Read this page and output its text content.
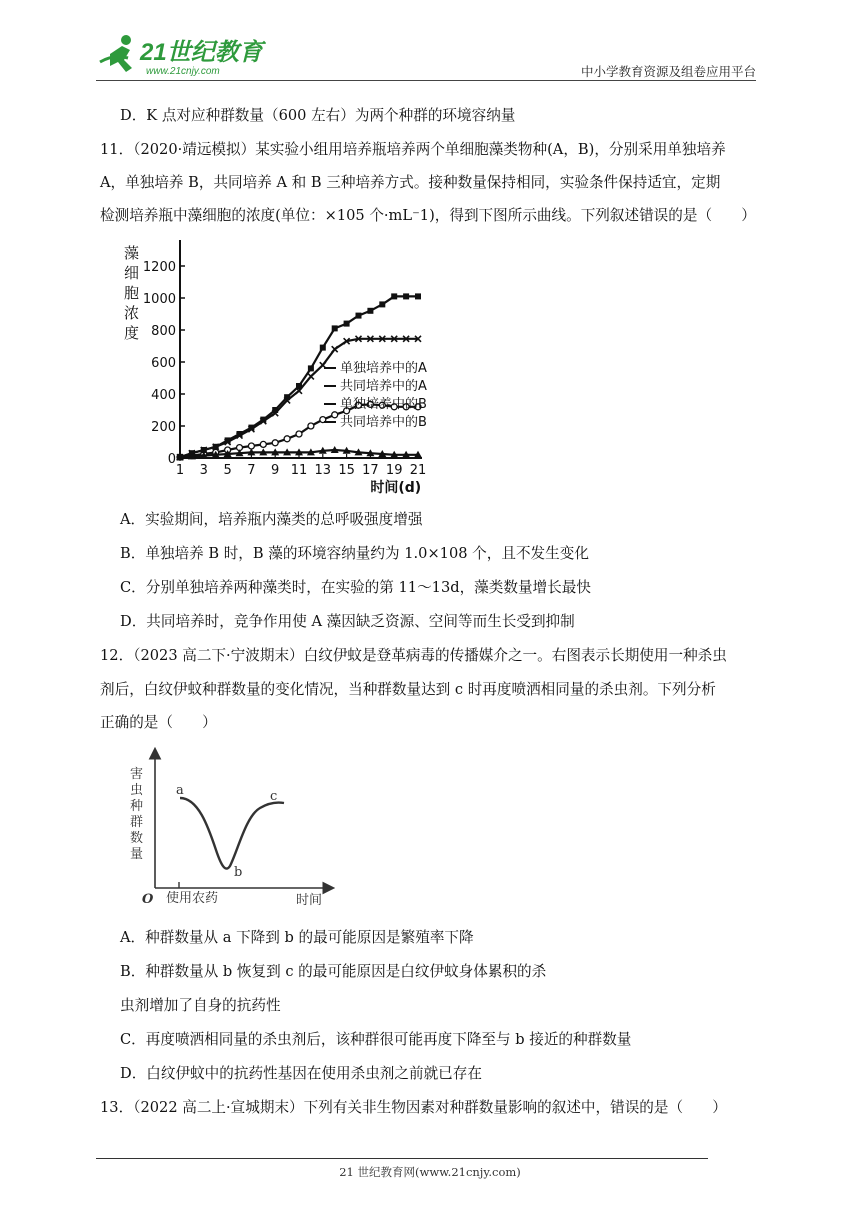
21世纪教育
www.21cnjy.com	中小学教育资源及组卷应用平台
D．K 点对应种群数量（600 左右）为两个种群的环境容纳量
11．（2020·靖远模拟）某实验小组用培养瓶培养两个单细胞藻类物种(A，B)，分别采用单独培养
A，单独培养 B，共同培养 A 和 B 三种培养方式。接种数量保持相同，实验条件保持适宜，定期
检测培养瓶中藻细胞的浓度(单位：×105 个·mL⁻1)，得到下图所示曲线。下列叙述错误的是（　　）
藻
细
胞
浓
度
0
200
400
600
800
1000
1200
1 3 5 7 9 11 13 15 17 19 21
单独培养中的A
共同培养中的A
单独培养中的B
共同培养中的B
时间(d)
A．实验期间，培养瓶内藻类的总呼吸强度增强
B．单独培养 B 时，B 藻的环境容纳量约为 1.0×108 个，且不发生变化
C．分别单独培养两种藻类时，在实验的第 11～13d，藻类数量增长最快
D．共同培养时，竞争作用使 A 藻因缺乏资源、空间等而生长受到抑制
12．（2023 高二下·宁波期末）白纹伊蚊是登革病毒的传播媒介之一。右图表示长期使用一种杀虫
剂后，白纹伊蚊种群数量的变化情况，当种群数量达到 c 时再度喷洒相同量的杀虫剂。下列分析
正确的是（　　）
害虫种群数量
O 使用农药	时间
a
b
c
A．种群数量从 a 下降到 b 的最可能原因是繁殖率下降
B．种群数量从 b 恢复到 c 的最可能原因是白纹伊蚊身体累积的杀
虫剂增加了自身的抗药性
C．再度喷洒相同量的杀虫剂后，该种群很可能再度下降至与 b 接近的种群数量
D．白纹伊蚊中的抗药性基因在使用杀虫剂之前就已存在
13．（2022 高二上·宣城期末）下列有关非生物因素对种群数量影响的叙述中，错误的是（　　）
21 世纪教育网(www.21cnjy.com)
